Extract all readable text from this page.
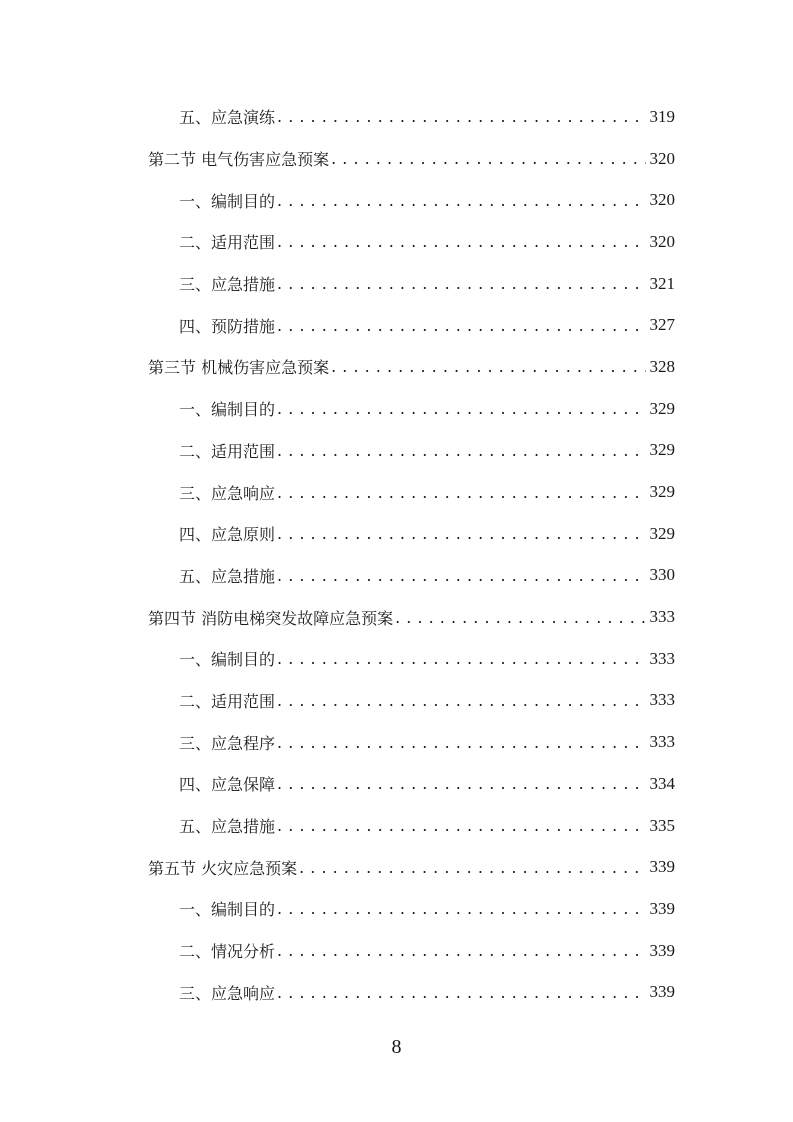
五、应急演练 . . .	319
第二节 电气伤害应急预案 . . .	320
一、编制目的 . . .	320
二、适用范围 . . .	320
三、应急措施 . . .	321
四、预防措施 . . .	327
第三节 机械伤害应急预案 . . .	328
一、编制目的 . . .	329
二、适用范围 . . .	329
三、应急响应 . . .	329
四、应急原则 . . .	329
五、应急措施 . . .	330
第四节 消防电梯突发故障应急预案 . . .	333
一、编制目的 . . .	333
二、适用范围 . . .	333
三、应急程序 . . .	333
四、应急保障 . . .	334
五、应急措施 . . .	335
第五节 火灾应急预案 . . .	339
一、编制目的 . . .	339
二、情况分析 . . .	339
三、应急响应 . . .	339
8
